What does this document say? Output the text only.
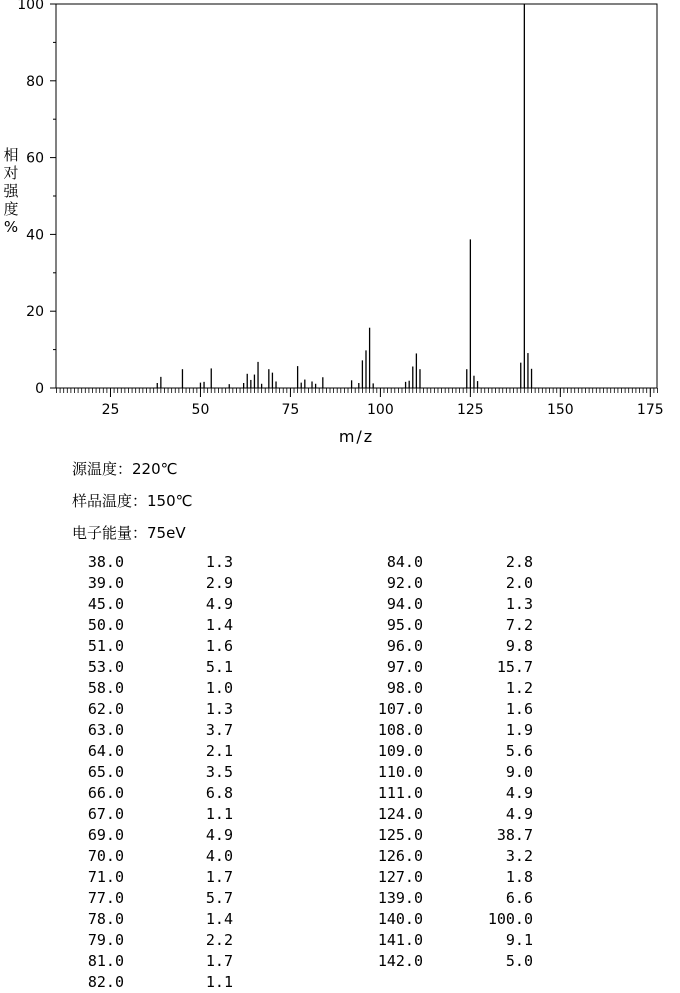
0
20
40
60
80
100
25	50	75	100	125	150	175
m/z
相对强度%
源温度：220℃
样品温度：150℃
电子能量：75eV
38.0	1.3
39.0	2.9
45.0	4.9
50.0	1.4
51.0	1.6
53.0	5.1
58.0	1.0
62.0	1.3
63.0	3.7
64.0	2.1
65.0	3.5
66.0	6.8
67.0	1.1
69.0	4.9
70.0	4.0
71.0	1.7
77.0	5.7
78.0	1.4
79.0	2.2
81.0	1.7
82.0	1.1
84.0	2.8
92.0	2.0
94.0	1.3
95.0	7.2
96.0	9.8
97.0	15.7
98.0	1.2
107.0	1.6
108.0	1.9
109.0	5.6
110.0	9.0
111.0	4.9
124.0	4.9
125.0	38.7
126.0	3.2
127.0	1.8
139.0	6.6
140.0	100.0
141.0	9.1
142.0	5.0
